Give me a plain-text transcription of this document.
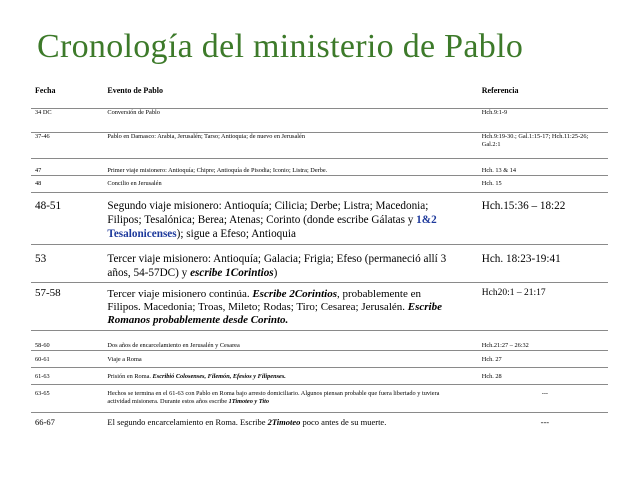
Cronología del ministerio de Pablo
Fecha	Evento de Pablo	Referencia
34 DC	Conversión de Pablo	Hch.9:1-9
37-46	Pablo en Damasco: Arabia, Jerusalén; Tarso; Antioquia; de nuevo en Jerusalén	Hch.9:19-30.; Gal.1:15-17; Hch.11:25-26; Gal.2:1
47	Primer viaje misionero: Antioquía; Chipre; Antioquía de Pisodia; Iconio; Listra; Derbe.	Hch. 13 & 14
48	Concilio en Jerusalén	Hch. 15
48-51	Segundo viaje misionero: Antioquía; Cilicia; Derbe; Listra; Macedonia; Filipos; Tesalónica; Berea; Atenas; Corinto (donde escribe Gálatas y 1&2 Tesalonicenses); sigue a Efeso; Antioquia	Hch.15:36 – 18:22
53	Tercer viaje misionero: Antioquía; Galacia; Frigia; Efeso (permaneció allí 3 años, 54-57DC) y escribe 1Corintios)	Hch. 18:23-19:41
57-58	Tercer viaje misionero continúa. Escribe 2Corintios, probablemente en Filipos. Macedonia; Troas, Mileto; Rodas; Tiro; Cesarea; Jerusalén. Escribe Romanos probablemente desde Corinto.	Hch20:1 – 21:17
58-60	Dos años de encarcelamiento en Jerusalén y Cesarea	Hch.21:27 – 26:32
60-61	Viaje a Roma	Hch. 27
61-63	Prisión en Roma. Escribió Colosenses, Filemón, Efesios y Filipenses.	Hch. 28
63-65	Hechos se termina en el 61-63 con Pablo en Roma bajo arresto domiciliario. Algunos piensan probable que fuera libertado y tuviera actividad misionera. Durante estos años escribe 1Timoteo y Tito	---
66-67	El segundo encarcelamiento en Roma. Escribe 2Timoteo poco antes de su muerte.	---
